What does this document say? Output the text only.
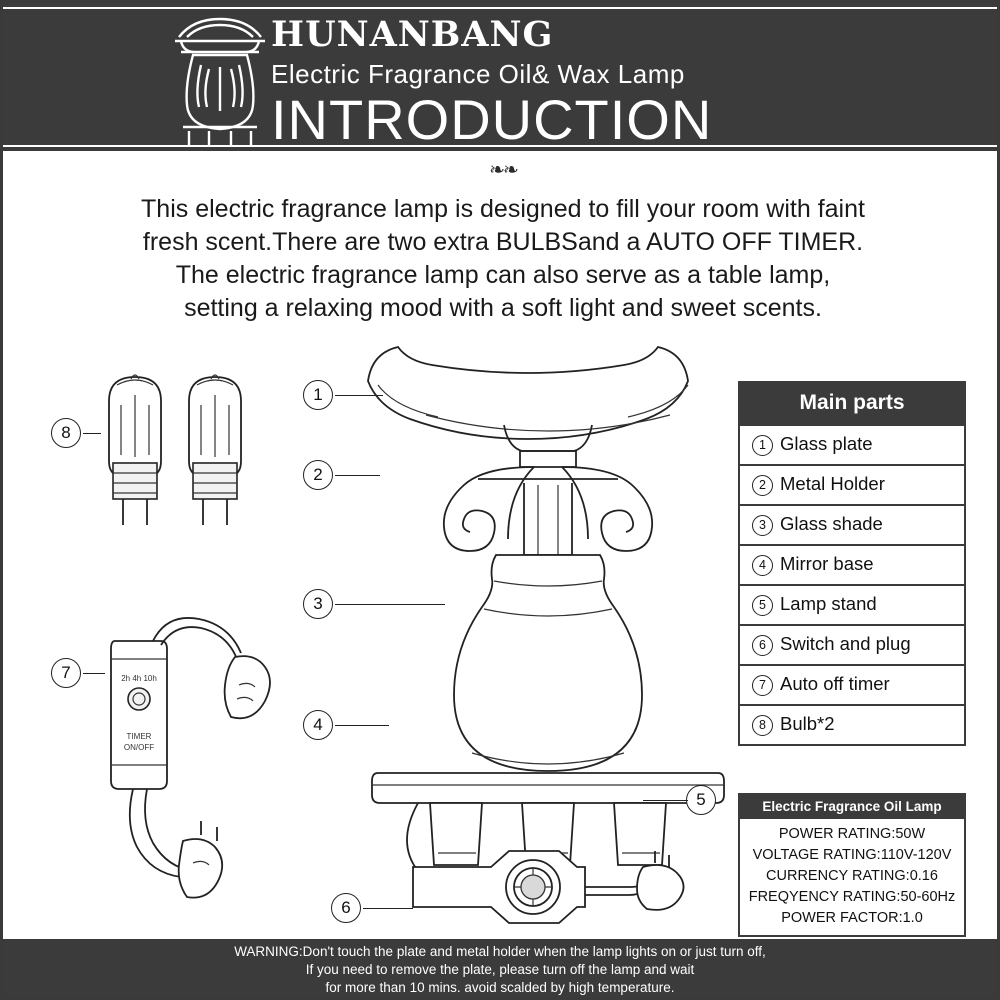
HUNANBANG
Electric Fragrance Oil& Wax Lamp
INTRODUCTION
❧❧

This electric fragrance lamp is designed to fill your room with faint

fresh scent.There are two extra BULBSand a AUTO OFF TIMER.

The electric fragrance lamp can also serve as a table lamp,

setting a relaxing mood with a soft light and sweet scents.

2h 4h 10h
TIMER
ON/OFF
1
2
3
4
5
6
7
8
Main parts
1 Glass plate
2 Metal Holder
3 Glass shade
4 Mirror base
5 Lamp stand
6 Switch and plug
7 Auto off timer
8 Bulb*2
Electric Fragrance Oil Lamp
POWER RATING:50W
VOLTAGE RATING:110V-120V
CURRENCY RATING:0.16
FREQYENCY RATING:50-60Hz
POWER FACTOR:1.0
WARNING:Don't touch the plate and metal holder when the lamp lights on or just turn off,
If you need to remove the plate, please turn off the lamp and wait
for more than 10 mins. avoid scalded by high temperature.
